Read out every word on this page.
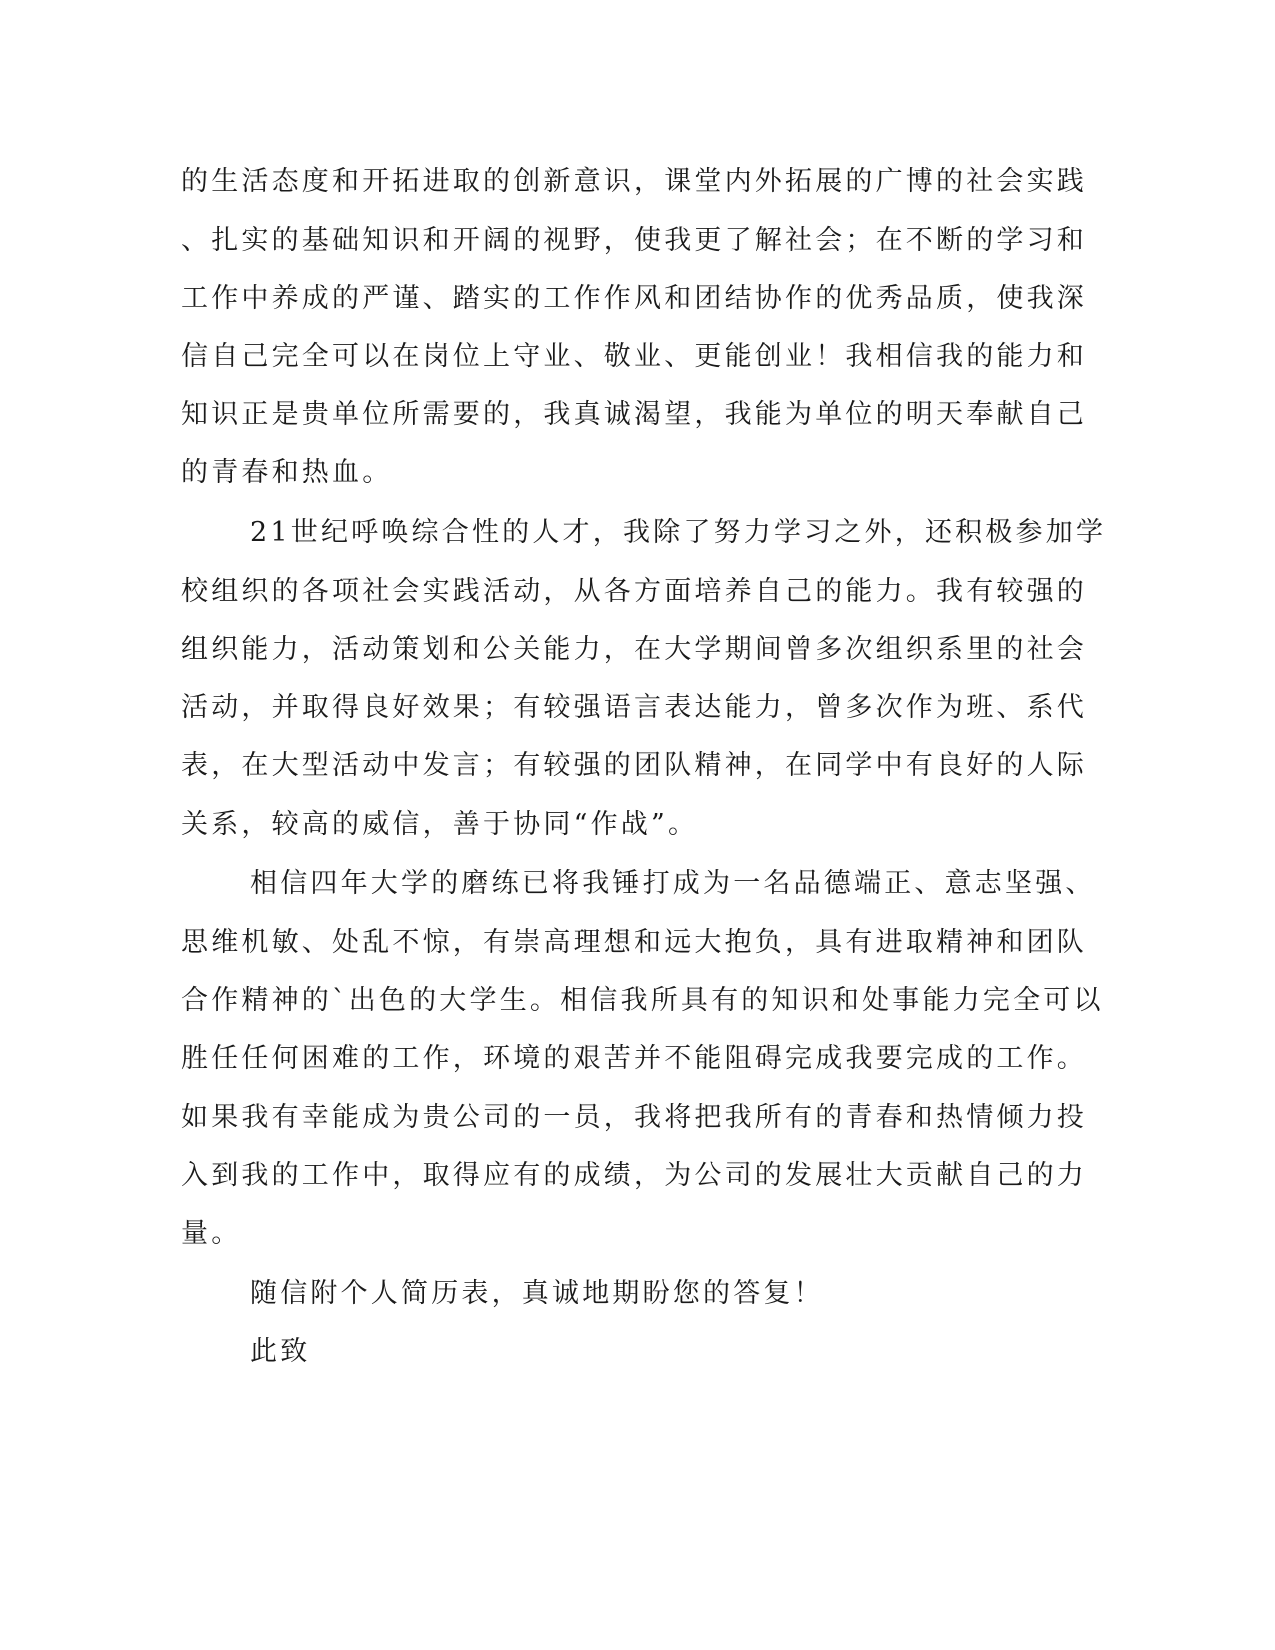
的生活态度和开拓进取的创新意识，课堂内外拓展的广博的社会实践

、扎实的基础知识和开阔的视野，使我更了解社会；在不断的学习和

工作中养成的严谨、踏实的工作作风和团结协作的优秀品质，使我深

信自己完全可以在岗位上守业、敬业、更能创业！我相信我的能力和

知识正是贵单位所需要的，我真诚渴望，我能为单位的明天奉献自己

的青春和热血。

21世纪呼唤综合性的人才，我除了努力学习之外，还积极参加学

校组织的各项社会实践活动，从各方面培养自己的能力。我有较强的

组织能力，活动策划和公关能力，在大学期间曾多次组织系里的社会

活动，并取得良好效果；有较强语言表达能力，曾多次作为班、系代

表，在大型活动中发言；有较强的团队精神，在同学中有良好的人际

关系，较高的威信，善于协同“作战”。

相信四年大学的磨练已将我锤打成为一名品德端正、意志坚强、

思维机敏、处乱不惊，有崇高理想和远大抱负，具有进取精神和团队

合作精神的`出色的大学生。相信我所具有的知识和处事能力完全可以

胜任任何困难的工作，环境的艰苦并不能阻碍完成我要完成的工作。

如果我有幸能成为贵公司的一员，我将把我所有的青春和热情倾力投

入到我的工作中，取得应有的成绩，为公司的发展壮大贡献自己的力

量。

随信附个人简历表，真诚地期盼您的答复！

此致
